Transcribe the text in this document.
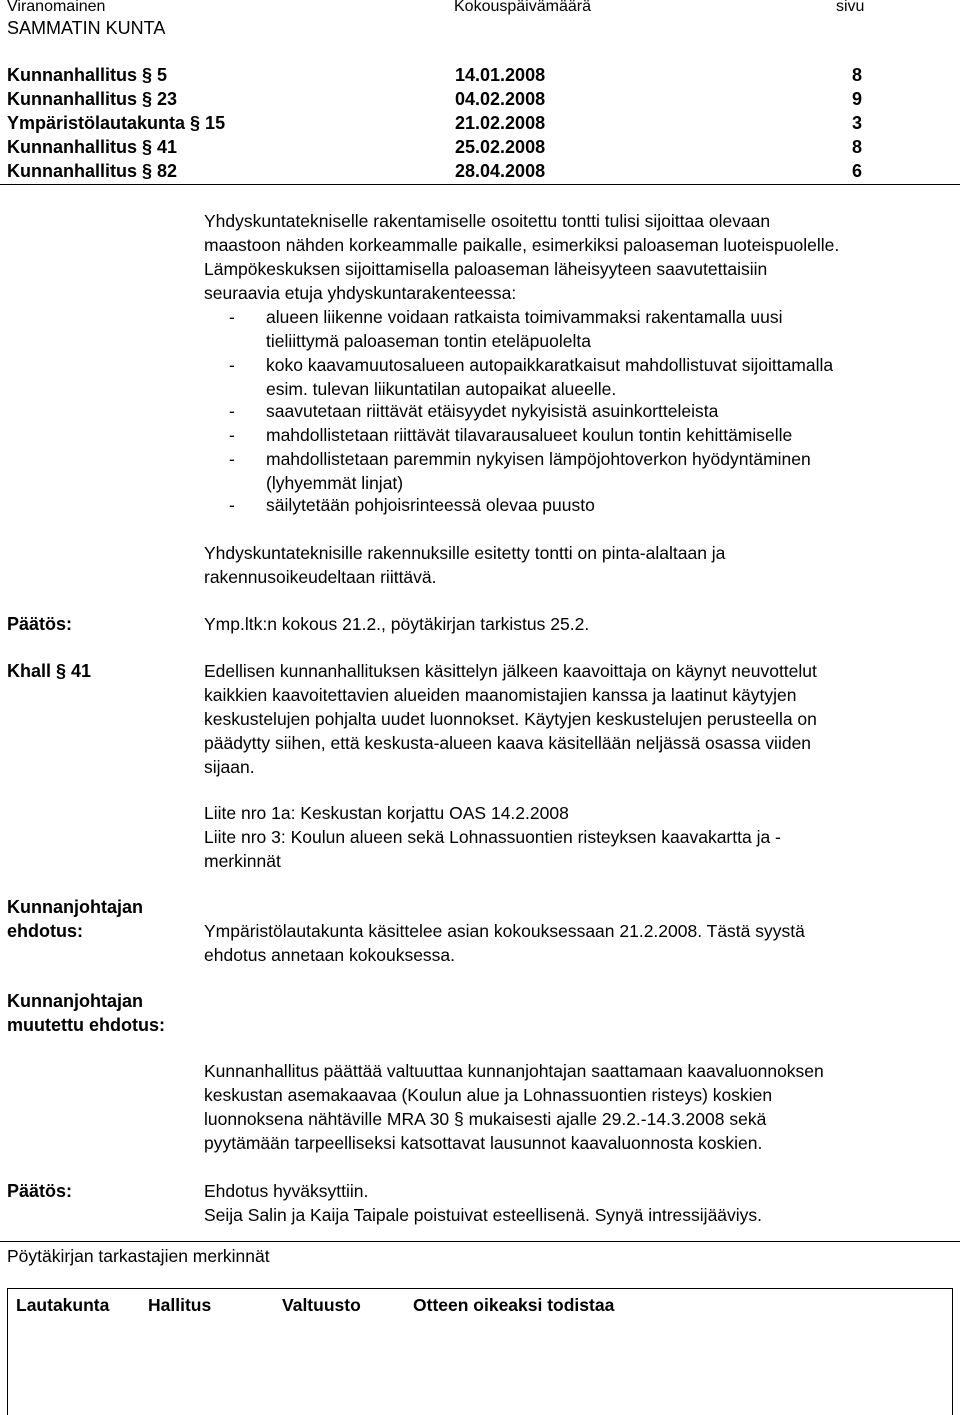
Viranomainen	Kokouspäivämäärä	sivu
SAMMATIN KUNTA
Kunnanhallitus § 5	14.01.2008	8
Kunnanhallitus § 23	04.02.2008	9
Ympäristölautakunta § 15	21.02.2008	3
Kunnanhallitus § 41	25.02.2008	8
Kunnanhallitus § 82	28.04.2008	6
Yhdyskuntatekniselle rakentamiselle osoitettu tontti tulisi sijoittaa olevaan
maastoon nähden korkeammalle paikalle, esimerkiksi paloaseman luoteispuolelle.
Lämpökeskuksen sijoittamisella paloaseman läheisyyteen saavutettaisiin
seuraavia etuja yhdyskuntarakenteessa:
- alueen liikenne voidaan ratkaista toimivammaksi rakentamalla uusi
tieliittymä paloaseman tontin eteläpuolelta
- koko kaavamuutosalueen autopaikkaratkaisut mahdollistuvat sijoittamalla
esim. tulevan liikuntatilan autopaikat alueelle.
- saavutetaan riittävät etäisyydet nykyisistä asuinkortteleista
- mahdollistetaan riittävät tilavarausalueet koulun tontin kehittämiselle
- mahdollistetaan paremmin nykyisen lämpöjohtoverkon hyödyntäminen
(lyhyemmät linjat)
- säilytetään pohjoisrinteessä olevaa puusto
Yhdyskuntateknisille rakennuksille esitetty tontti on pinta-alaltaan ja
rakennusoikeudeltaan riittävä.
Päätös:	Ymp.ltk:n kokous 21.2., pöytäkirjan tarkistus 25.2.
Khall § 41	Edellisen kunnanhallituksen käsittelyn jälkeen kaavoittaja on käynyt neuvottelut
kaikkien kaavoitettavien alueiden maanomistajien kanssa ja laatinut käytyjen
keskustelujen pohjalta uudet luonnokset. Käytyjen keskustelujen perusteella on
päädytty siihen, että keskusta-alueen kaava käsitellään neljässä osassa viiden
sijaan.
Liite nro 1a: Keskustan korjattu OAS 14.2.2008
Liite nro 3: Koulun alueen sekä Lohnassuontien risteyksen kaavakartta ja -
merkinnät
Kunnanjohtajan
ehdotus:	Ympäristölautakunta käsittelee asian kokouksessaan 21.2.2008. Tästä syystä
ehdotus annetaan kokouksessa.
Kunnanjohtajan
muutettu ehdotus:
Kunnanhallitus päättää valtuuttaa kunnanjohtajan saattamaan kaavaluonnoksen
keskustan asemakaavaa (Koulun alue ja Lohnassuontien risteys) koskien
luonnoksena nähtäville MRA 30 § mukaisesti ajalle 29.2.-14.3.2008 sekä
pyytämään tarpeelliseksi katsottavat lausunnot kaavaluonnosta koskien.
Päätös:	Ehdotus hyväksyttiin.
Seija Salin ja Kaija Taipale poistuivat esteellisenä. Synyä intressijääviys.
Pöytäkirjan tarkastajien merkinnät
Lautakunta Hallitus	Valtuusto	Otteen oikeaksi todistaa
